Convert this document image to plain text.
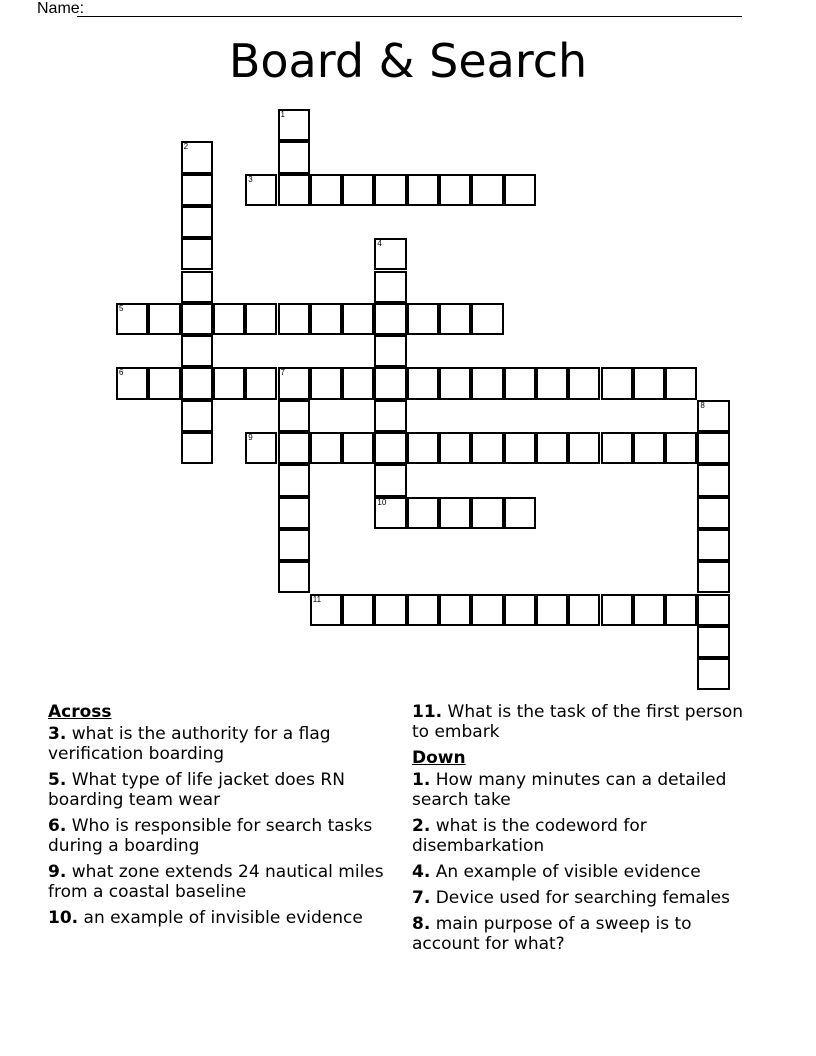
Name:
Board & Search
1
2
3
4
10
5
6	7
8
9
11
Across
3. what is the authority for a flag verification boarding
5. What type of life jacket does RN boarding team wear
6. Who is responsible for search tasks during a boarding
9. what zone extends 24 nautical miles from a coastal baseline
10. an example of invisible evidence
11. What is the task of the first person to embark
Down
1. How many minutes can a detailed search take
2. what is the codeword for disembarkation
4. An example of visible evidence
7. Device used for searching females
8. main purpose of a sweep is to account for what?
